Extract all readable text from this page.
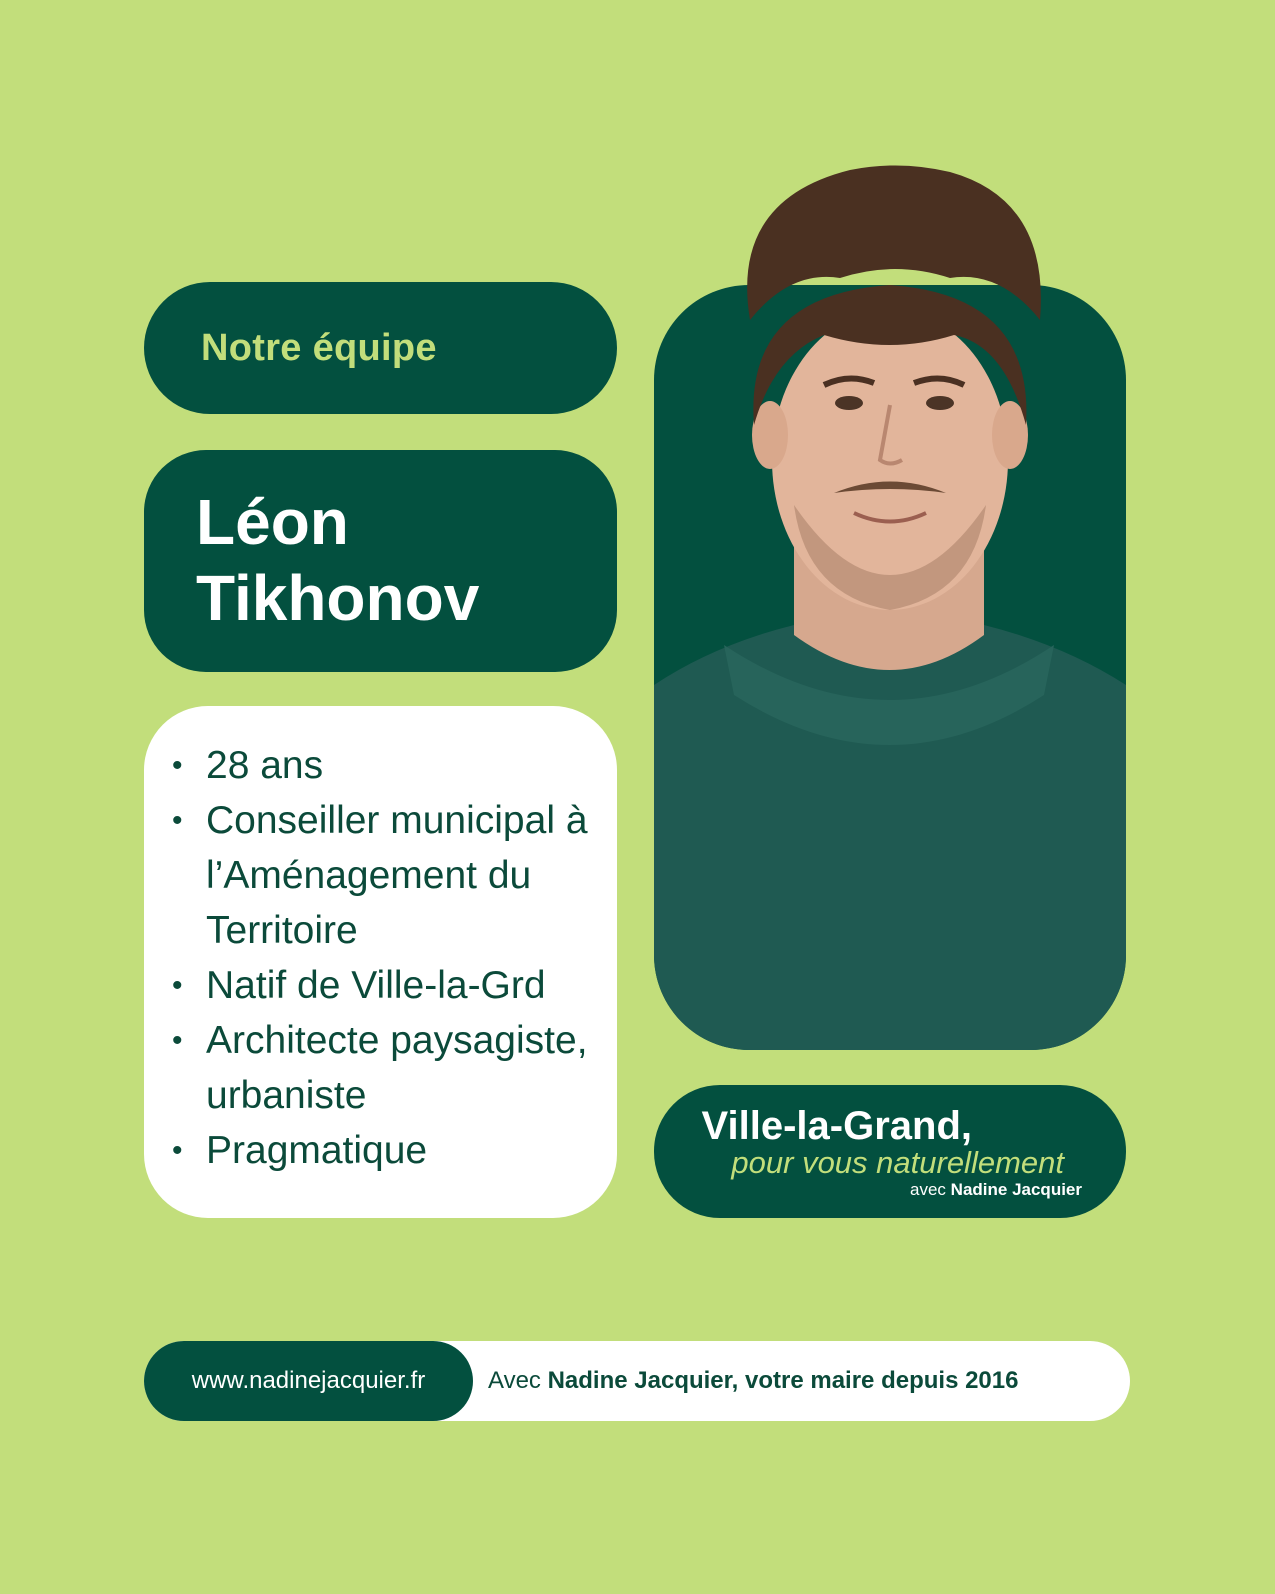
Notre équipe
Léon
Tikhonov
• 28 ans
• Conseiller municipal à l’Aménagement du Territoire
• Natif de Ville-la-Grd
• Architecte paysagiste, urbaniste
• Pragmatique
Ville-la-Grand,
pour vous naturellement
avec Nadine Jacquier
www.nadinejacquier.fr	Avec
Nadine Jacquier, votre maire depuis 2016
